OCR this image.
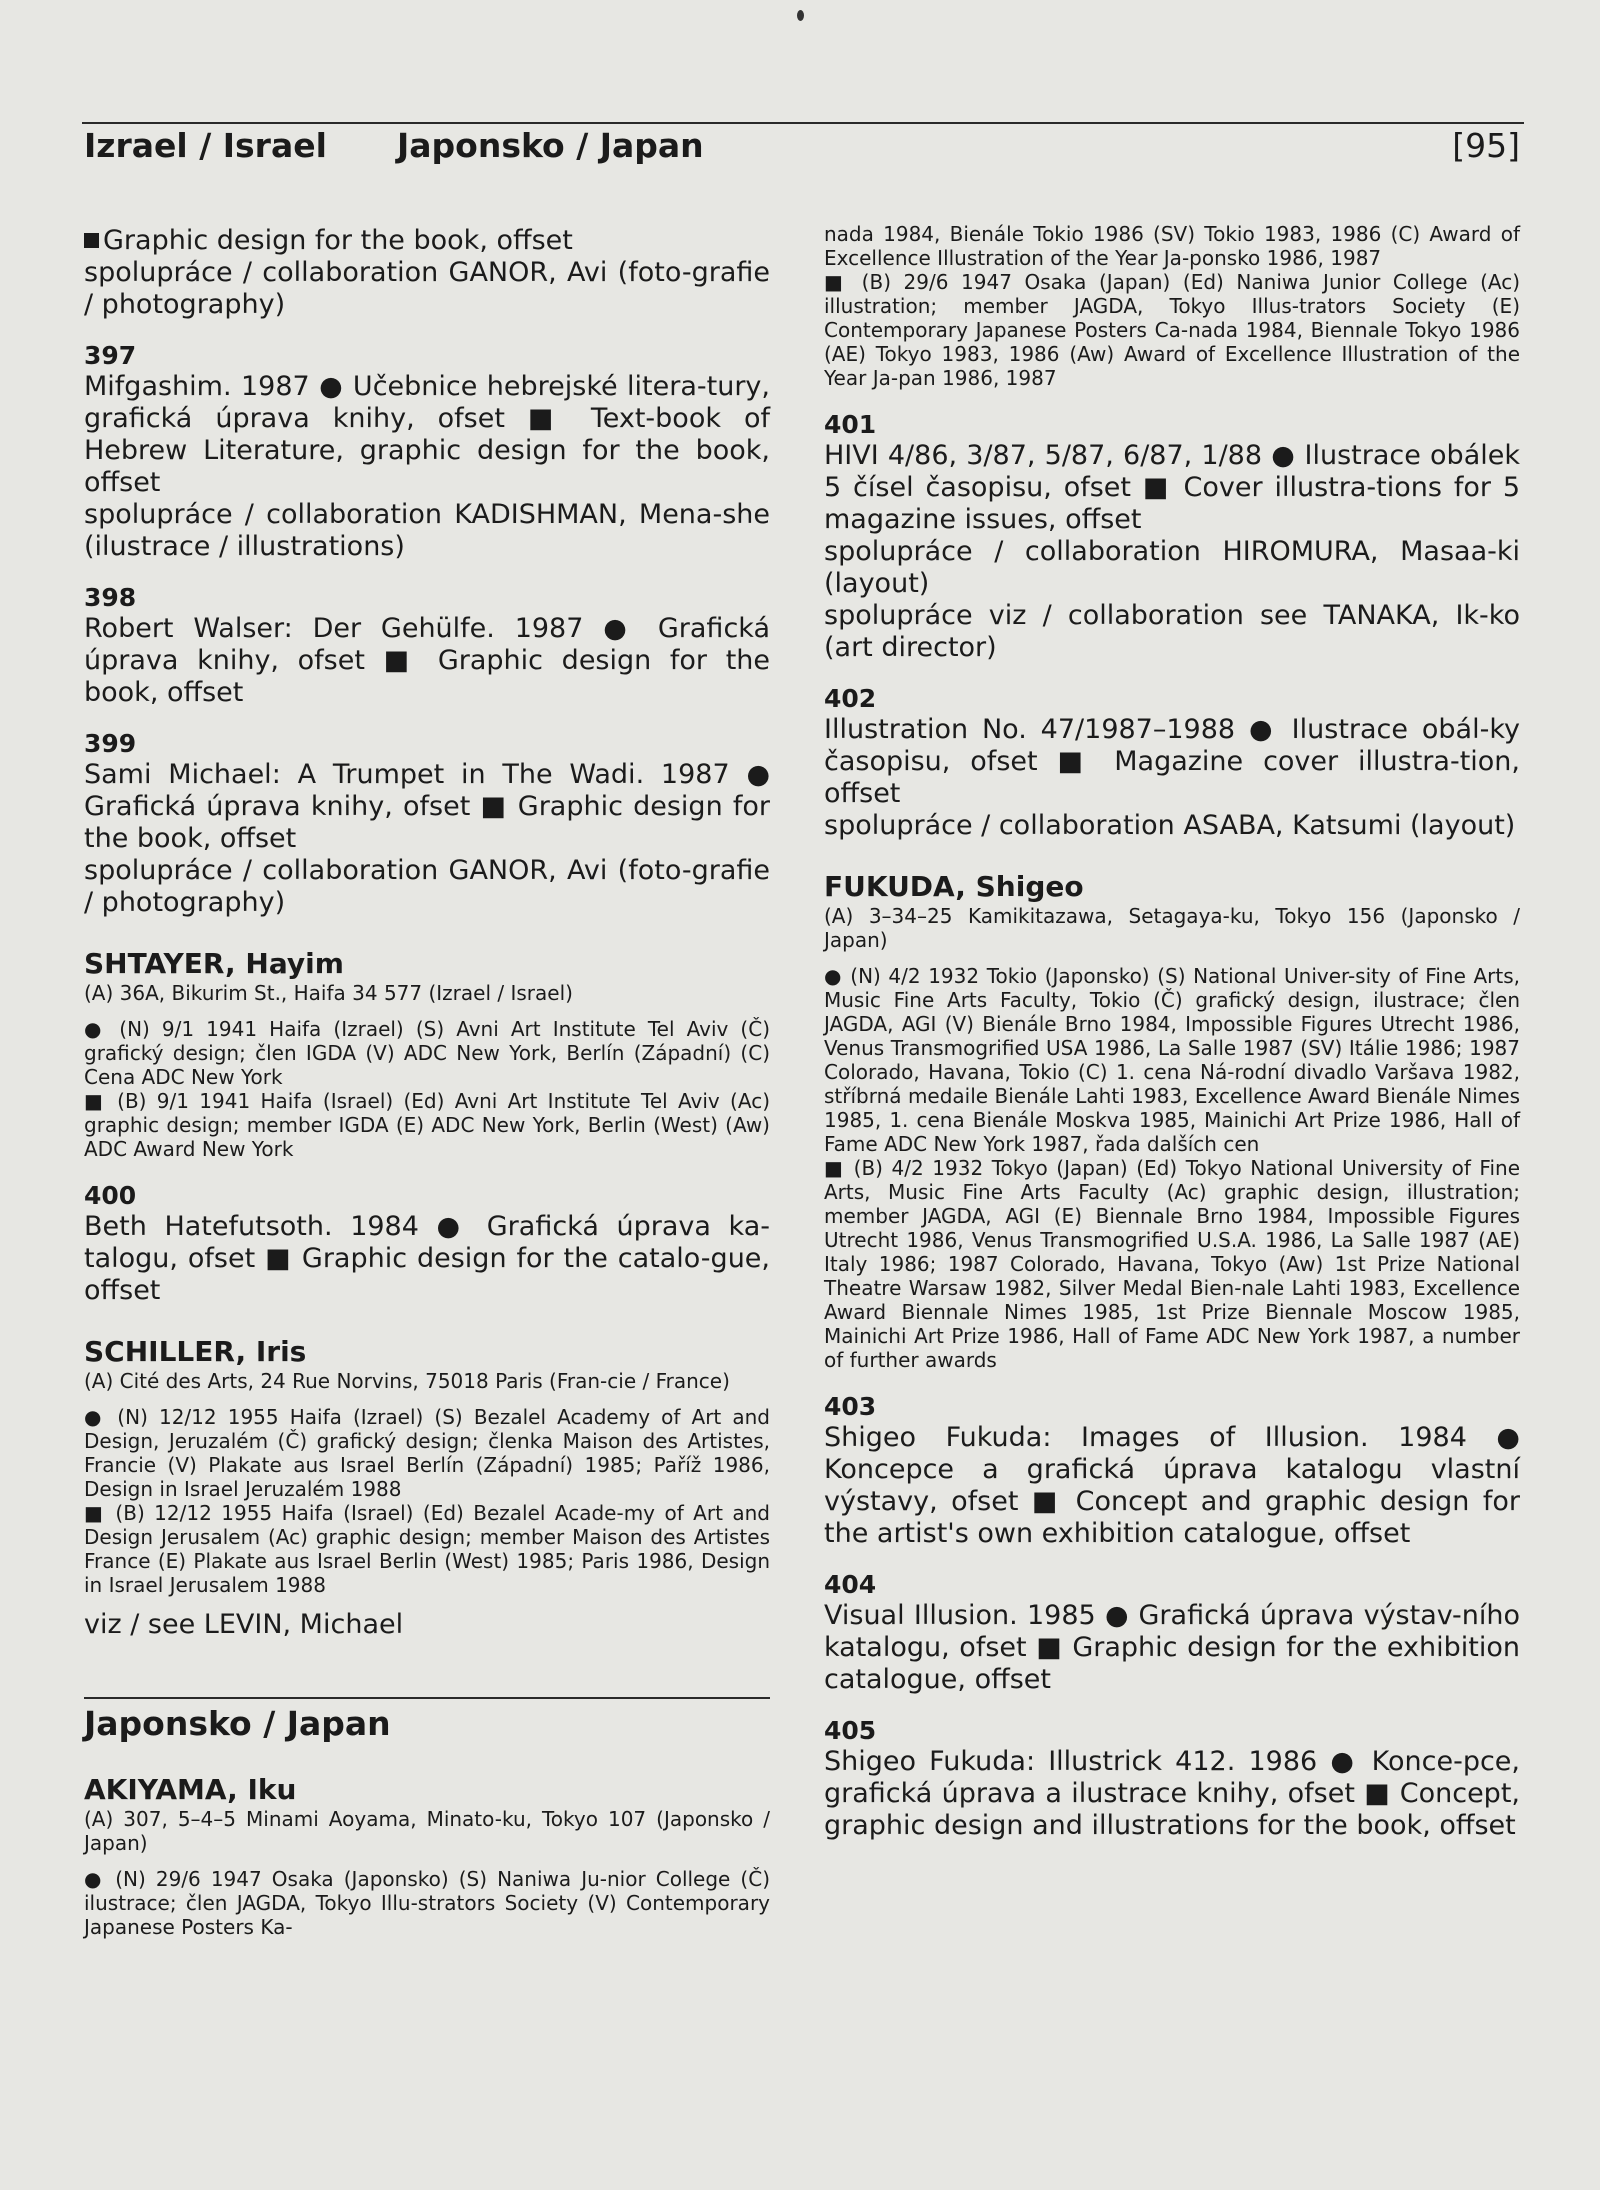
Izrael / Israel Japonsko / Japan	[95]
Graphic design for the book, offset
spolupráce / collaboration GANOR, Avi (foto-grafie / photography)
397
Mifgashim. 1987 ● Učebnice hebrejské litera-tury, grafická úprava knihy, ofset ■ Text-book of Hebrew Literature, graphic design for the book, offset
spolupráce / collaboration KADISHMAN, Mena-she (ilustrace / illustrations)
398
Robert Walser: Der Gehülfe. 1987 ● Grafická úprava knihy, ofset ■ Graphic design for the book, offset
399
Sami Michael: A Trumpet in The Wadi. 1987 ● Grafická úprava knihy, ofset ■ Graphic design for the book, offset
spolupráce / collaboration GANOR, Avi (foto-grafie / photography)
SHTAYER, Hayim
(A) 36A, Bikurim St., Haifa 34 577 (Izrael / Israel)
● (N) 9/1 1941 Haifa (Izrael) (S) Avni Art Institute Tel Aviv (Č) grafický design; člen IGDA (V) ADC New York, Berlín (Západní) (C) Cena ADC New York
■ (B) 9/1 1941 Haifa (Israel) (Ed) Avni Art Institute Tel Aviv (Ac) graphic design; member IGDA (E) ADC New York, Berlin (West) (Aw) ADC Award New York
400
Beth Hatefutsoth. 1984 ● Grafická úprava ka-talogu, ofset ■ Graphic design for the catalo-gue, offset
SCHILLER, Iris
(A) Cité des Arts, 24 Rue Norvins, 75018 Paris (Fran-cie / France)
● (N) 12/12 1955 Haifa (Izrael) (S) Bezalel Academy of Art and Design, Jeruzalém (Č) grafický design; členka Maison des Artistes, Francie (V) Plakate aus Israel Berlín (Západní) 1985; Paříž 1986, Design in Israel Jeruzalém 1988
■ (B) 12/12 1955 Haifa (Israel) (Ed) Bezalel Acade-my of Art and Design Jerusalem (Ac) graphic design; member Maison des Artistes France (E) Plakate aus Israel Berlin (West) 1985; Paris 1986, Design in Israel Jerusalem 1988
viz / see LEVIN, Michael
Japonsko / Japan
AKIYAMA, Iku
(A) 307, 5–4–5 Minami Aoyama, Minato-ku, Tokyo 107 (Japonsko / Japan)
● (N) 29/6 1947 Osaka (Japonsko) (S) Naniwa Ju-nior College (Č) ilustrace; člen JAGDA, Tokyo Illu-strators Society (V) Contemporary Japanese Posters Ka-
nada 1984, Bienále Tokio 1986 (SV) Tokio 1983, 1986 (C) Award of Excellence Illustration of the Year Ja-ponsko 1986, 1987
■ (B) 29/6 1947 Osaka (Japan) (Ed) Naniwa Junior College (Ac) illustration; member JAGDA, Tokyo Illus-trators Society (E) Contemporary Japanese Posters Ca-nada 1984, Biennale Tokyo 1986 (AE) Tokyo 1983, 1986 (Aw) Award of Excellence Illustration of the Year Ja-pan 1986, 1987
401
HIVI 4/86, 3/87, 5/87, 6/87, 1/88 ● Ilustrace obálek 5 čísel časopisu, ofset ■ Cover illustra-tions for 5 magazine issues, offset
spolupráce / collaboration HIROMURA, Masaa-ki (layout)
spolupráce viz / collaboration see TANAKA, Ik-ko (art director)
402
Illustration No. 47/1987–1988 ● Ilustrace obál-ky časopisu, ofset ■ Magazine cover illustra-tion, offset
spolupráce / collaboration ASABA, Katsumi (layout)
FUKUDA, Shigeo
(A) 3–34–25 Kamikitazawa, Setagaya-ku, Tokyo 156 (Japonsko / Japan)
● (N) 4/2 1932 Tokio (Japonsko) (S) National Univer-sity of Fine Arts, Music Fine Arts Faculty, Tokio (Č) grafický design, ilustrace; člen JAGDA, AGI (V) Bienále Brno 1984, Impossible Figures Utrecht 1986, Venus Transmogrified USA 1986, La Salle 1987 (SV) Itálie 1986; 1987 Colorado, Havana, Tokio (C) 1. cena Ná-rodní divadlo Varšava 1982, stříbrná medaile Bienále Lahti 1983, Excellence Award Bienále Nimes 1985, 1. cena Bienále Moskva 1985, Mainichi Art Prize 1986, Hall of Fame ADC New York 1987, řada dalších cen
■ (B) 4/2 1932 Tokyo (Japan) (Ed) Tokyo National University of Fine Arts, Music Fine Arts Faculty (Ac) graphic design, illustration; member JAGDA, AGI (E) Biennale Brno 1984, Impossible Figures Utrecht 1986, Venus Transmogrified U.S.A. 1986, La Salle 1987 (AE) Italy 1986; 1987 Colorado, Havana, Tokyo (Aw) 1st Prize National Theatre Warsaw 1982, Silver Medal Bien-nale Lahti 1983, Excellence Award Biennale Nimes 1985, 1st Prize Biennale Moscow 1985, Mainichi Art Prize 1986, Hall of Fame ADC New York 1987, a number of further awards
403
Shigeo Fukuda: Images of Illusion. 1984 ● Koncepce a grafická úprava katalogu vlastní výstavy, ofset ■ Concept and graphic design for the artist's own exhibition catalogue, offset
404
Visual Illusion. 1985 ● Grafická úprava výstav-ního katalogu, ofset ■ Graphic design for the exhibition catalogue, offset
405
Shigeo Fukuda: Illustrick 412. 1986 ● Konce-pce, grafická úprava a ilustrace knihy, ofset ■ Concept, graphic design and illustrations for the book, offset
